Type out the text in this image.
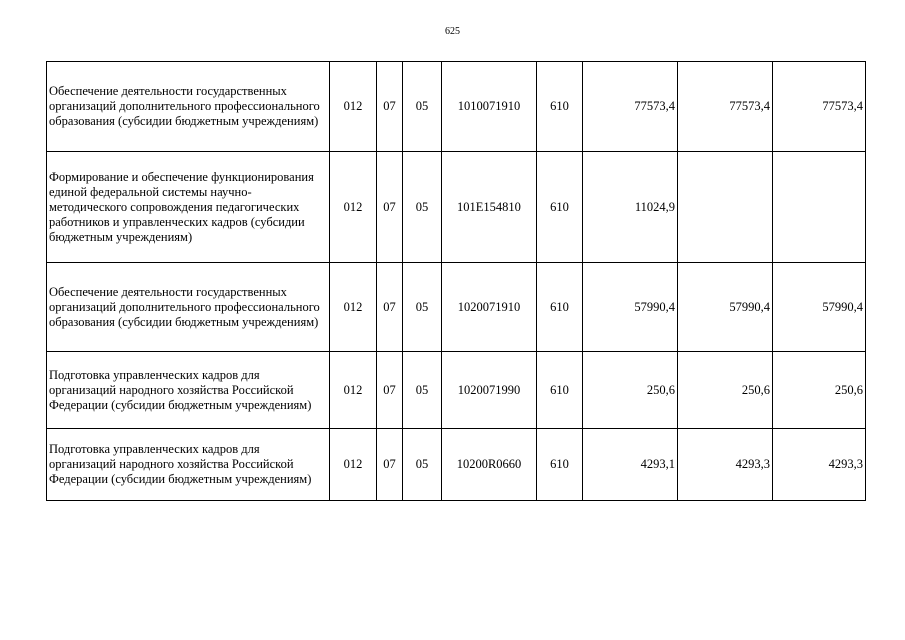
625
Обеспечение деятельности государственных организаций дополнительного профессионального образования (субсидии бюджетным учреждениям)	012	07	05	1010071910	610	77573,4	77573,4	77573,4
Формирование и обеспечение функционирования единой федеральной системы научно-методического сопровождения педагогических работников и управленческих кадров (субсидии бюджетным учреждениям)	012	07	05	101E154810	610	11024,9		
Обеспечение деятельности государственных организаций дополнительного профессионального образования (субсидии бюджетным учреждениям)	012	07	05	1020071910	610	57990,4	57990,4	57990,4
Подготовка управленческих кадров для организаций народного хозяйства Российской Федерации (субсидии бюджетным учреждениям)	012	07	05	1020071990	610	250,6	250,6	250,6
Подготовка управленческих кадров для организаций народного хозяйства Российской Федерации (субсидии бюджетным учреждениям)	012	07	05	10200R0660	610	4293,1	4293,3	4293,3
